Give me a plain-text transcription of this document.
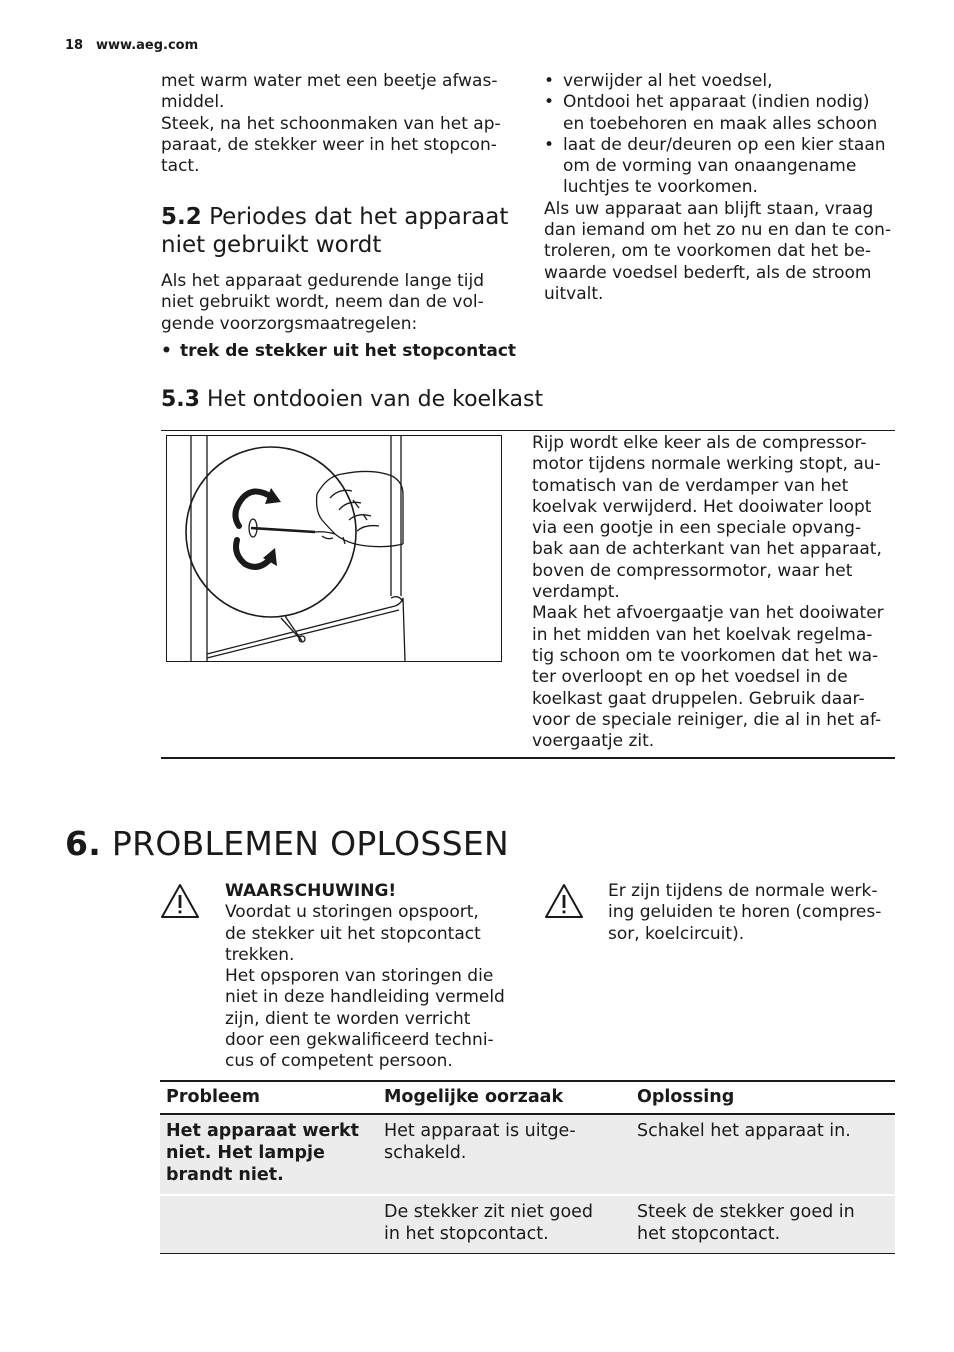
18 www.aeg.com

met warm water met een beetje afwas-

middel.

Steek, na het schoonmaken van het ap-

paraat, de stekker weer in het stopcon-

tact.

5.2 Periodes dat het apparaat

niet gebruikt wordt

Als het apparaat gedurende lange tijd

niet gebruikt wordt, neem dan de vol-

gende voorzorgsmaatregelen:

• trek de stekker uit het stopcontact
• verwijder al het voedsel,
• Ontdooi het apparaat (indien nodig)
en toebehoren en maak alles schoon
• laat de deur/deuren op een kier staan
om de vorming van onaangename
luchtjes te voorkomen.

Als uw apparaat aan blijft staan, vraag

dan iemand om het zo nu en dan te con-

troleren, om te voorkomen dat het be-

waarde voedsel bederft, als de stroom

uitvalt.

5.3 Het ontdooien van de koelkast

Rijp wordt elke keer als de compressor-

motor tijdens normale werking stopt, au-

tomatisch van de verdamper van het

koelvak verwijderd. Het dooiwater loopt

via een gootje in een speciale opvang-

bak aan de achterkant van het apparaat,

boven de compressormotor, waar het

verdampt.

Maak het afvoergaatje van het dooiwater

in het midden van het koelvak regelma-

tig schoon om te voorkomen dat het wa-

ter overloopt en op het voedsel in de

koelkast gaat druppelen. Gebruik daar-

voor de speciale reiniger, die al in het af-

voergaatje zit.

6. PROBLEMEN OPLOSSEN

WAARSCHUWING!

Voordat u storingen opspoort,

de stekker uit het stopcontact

trekken.

Het opsporen van storingen die

niet in deze handleiding vermeld

zijn, dient te worden verricht

door een gekwalificeerd techni-

cus of competent persoon.

Er zijn tijdens de normale werk-

ing geluiden te horen (compres-

sor, koelcircuit).

Probleem	Mogelijke oorzaak	Oplossing
Het apparaat werkt
niet. Het lampje
brandt niet.	Het apparaat is uitge-
schakeld.	Schakel het apparaat in.
	De stekker zit niet goed
in het stopcontact.	Steek de stekker goed in
het stopcontact.
